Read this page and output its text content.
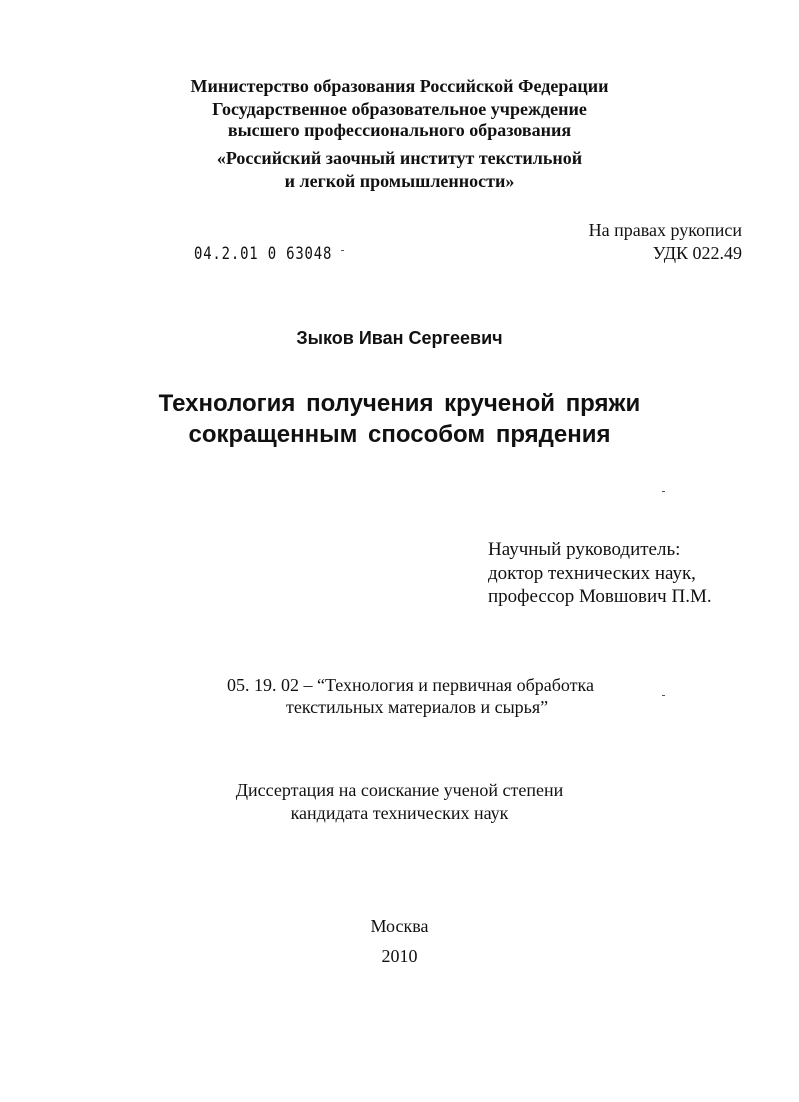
Министерство образования Российской Федерации
Государственное образовательное учреждение
высшего профессионального образования
«Российский заочный институт текстильной
и легкой промышленности»
04.2.01 0 63048
На правах рукописи
УДК 022.49
Зыков Иван Сергеевич
Технология получения крученой пряжи
сокращенным способом прядения
Научный руководитель:
доктор технических наук,
профессор Мовшович П.М.
05. 19. 02 – “Технология и первичная обработка
текстильных материалов и сырья”
Диссертация на соискание ученой степени
кандидата технических наук
Москва
2010
